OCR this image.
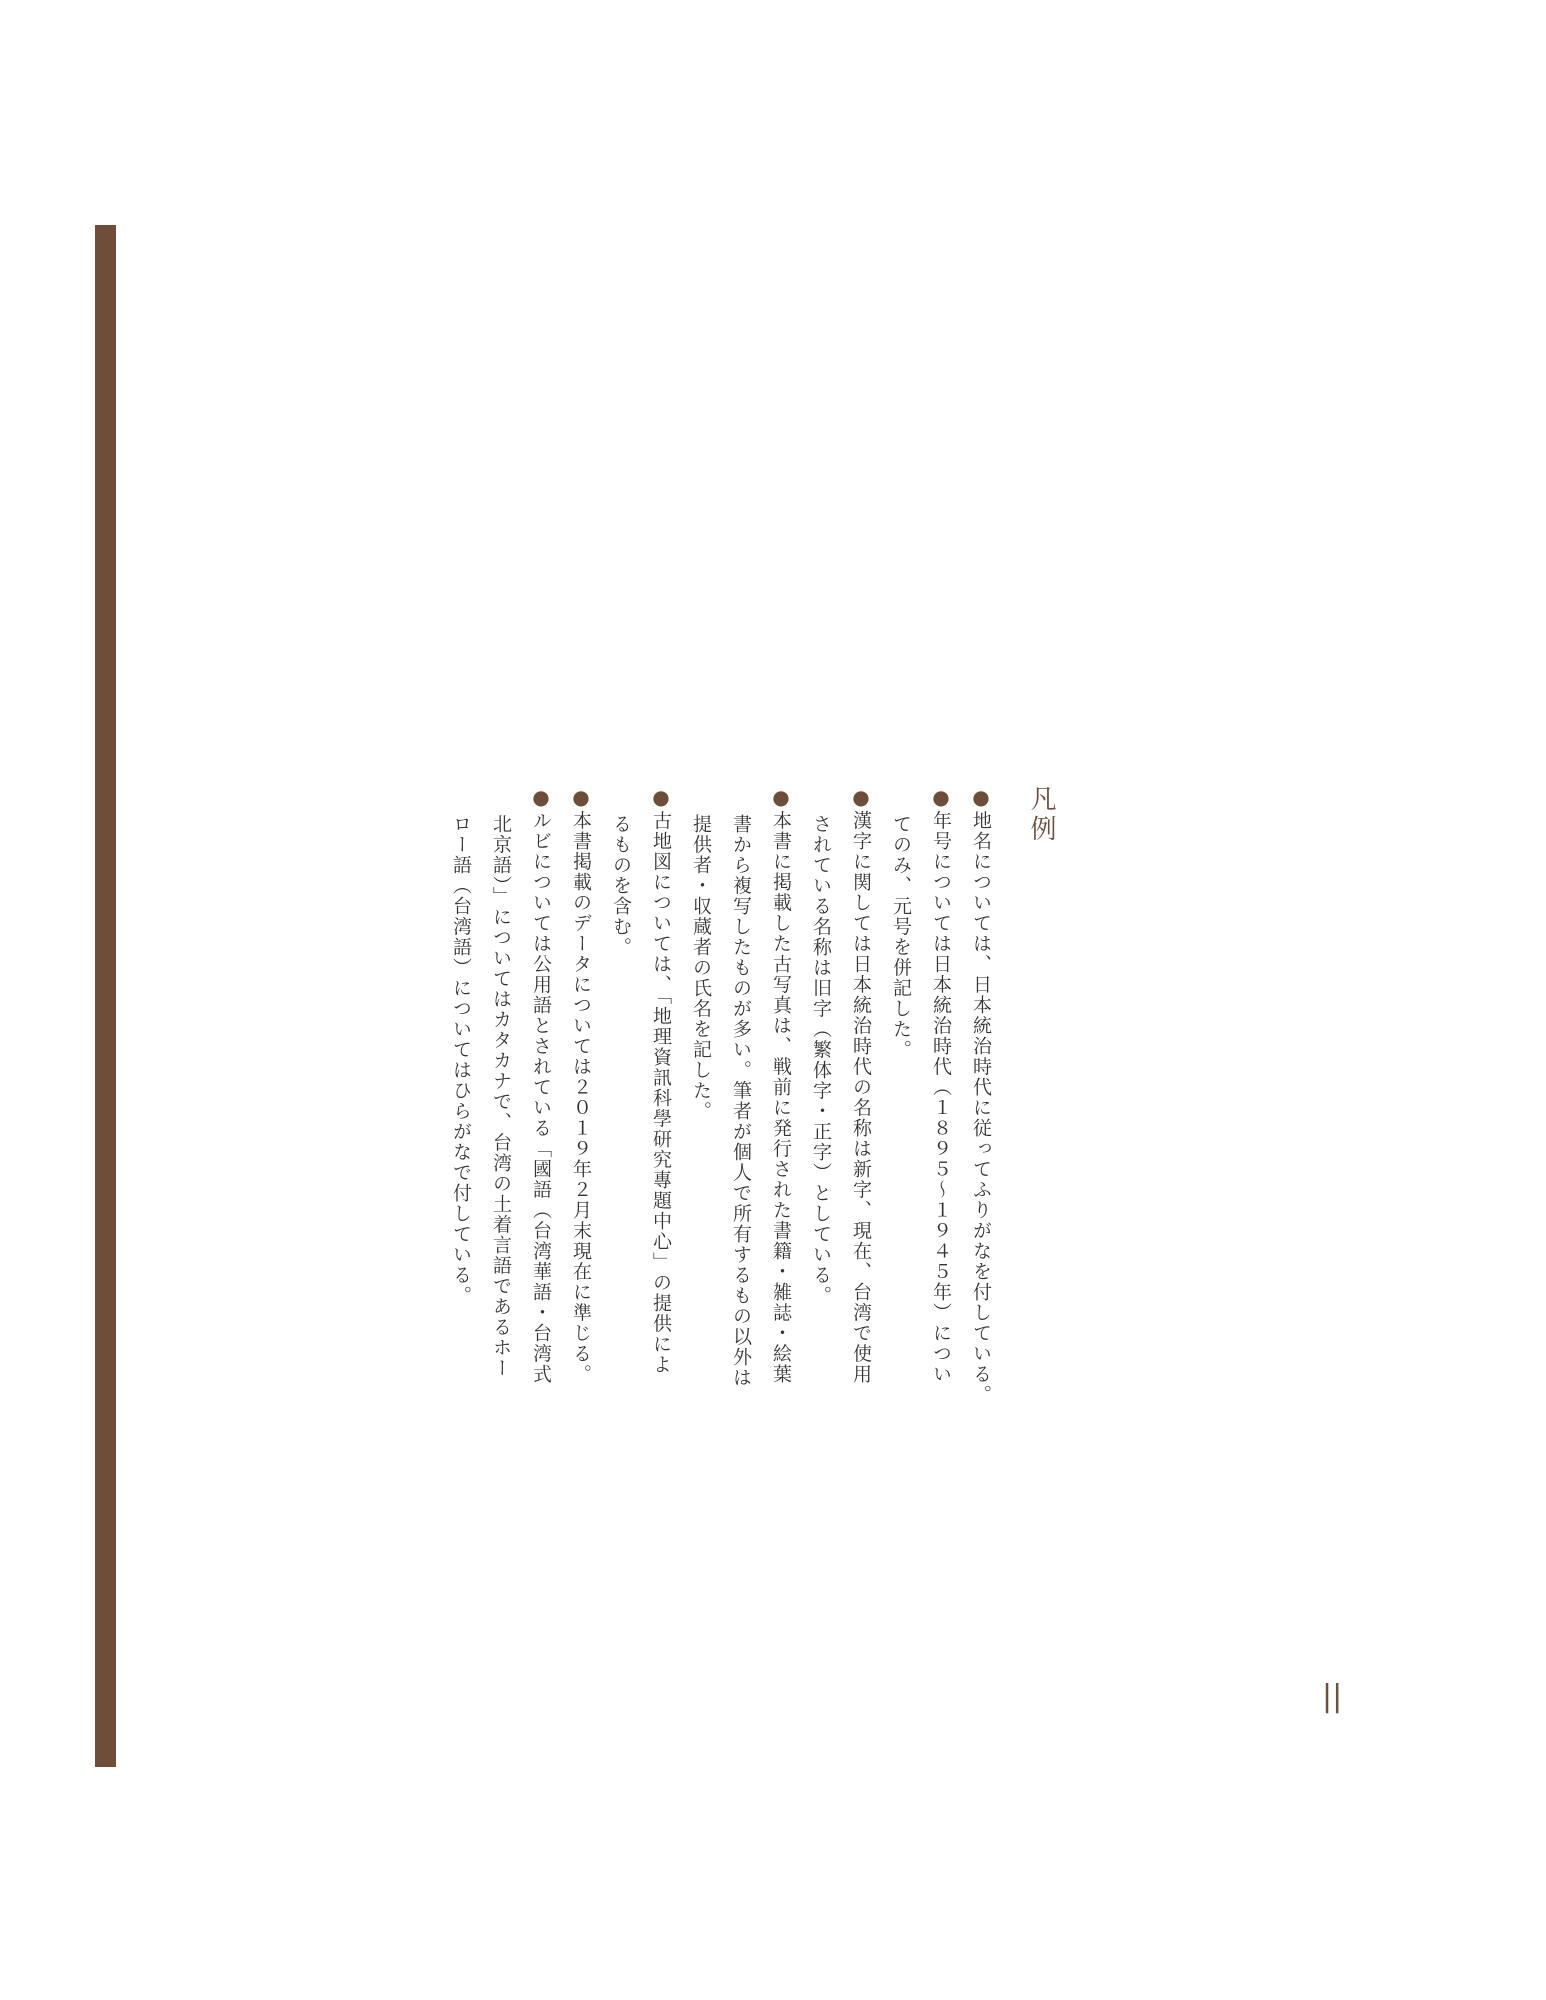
凡例

●地名については、日本統治時代に従ってふりがなを付している。

●年号については日本統治時代（１８９５～１９４５年）につい

てのみ、元号を併記した。

●漢字に関しては日本統治時代の名称は新字、現在、台湾で使用

されている名称は旧字（繁体字・正字）としている。

●本書に掲載した古写真は、戦前に発行された書籍・雑誌・絵葉

書から複写したものが多い。筆者が個人で所有するもの以外は

提供者・収蔵者の氏名を記した。

●古地図については、「地理資訊科學研究專題中心」の提供によ

るものを含む。

●本書掲載のデータについては２０１９年２月末現在に準じる。

●ルビについては公用語とされている「國語（台湾華語・台湾式

北京語）」についてはカタカナで、台湾の土着言語であるホー

ロー語（台湾語）についてはひらがなで付している。

||
